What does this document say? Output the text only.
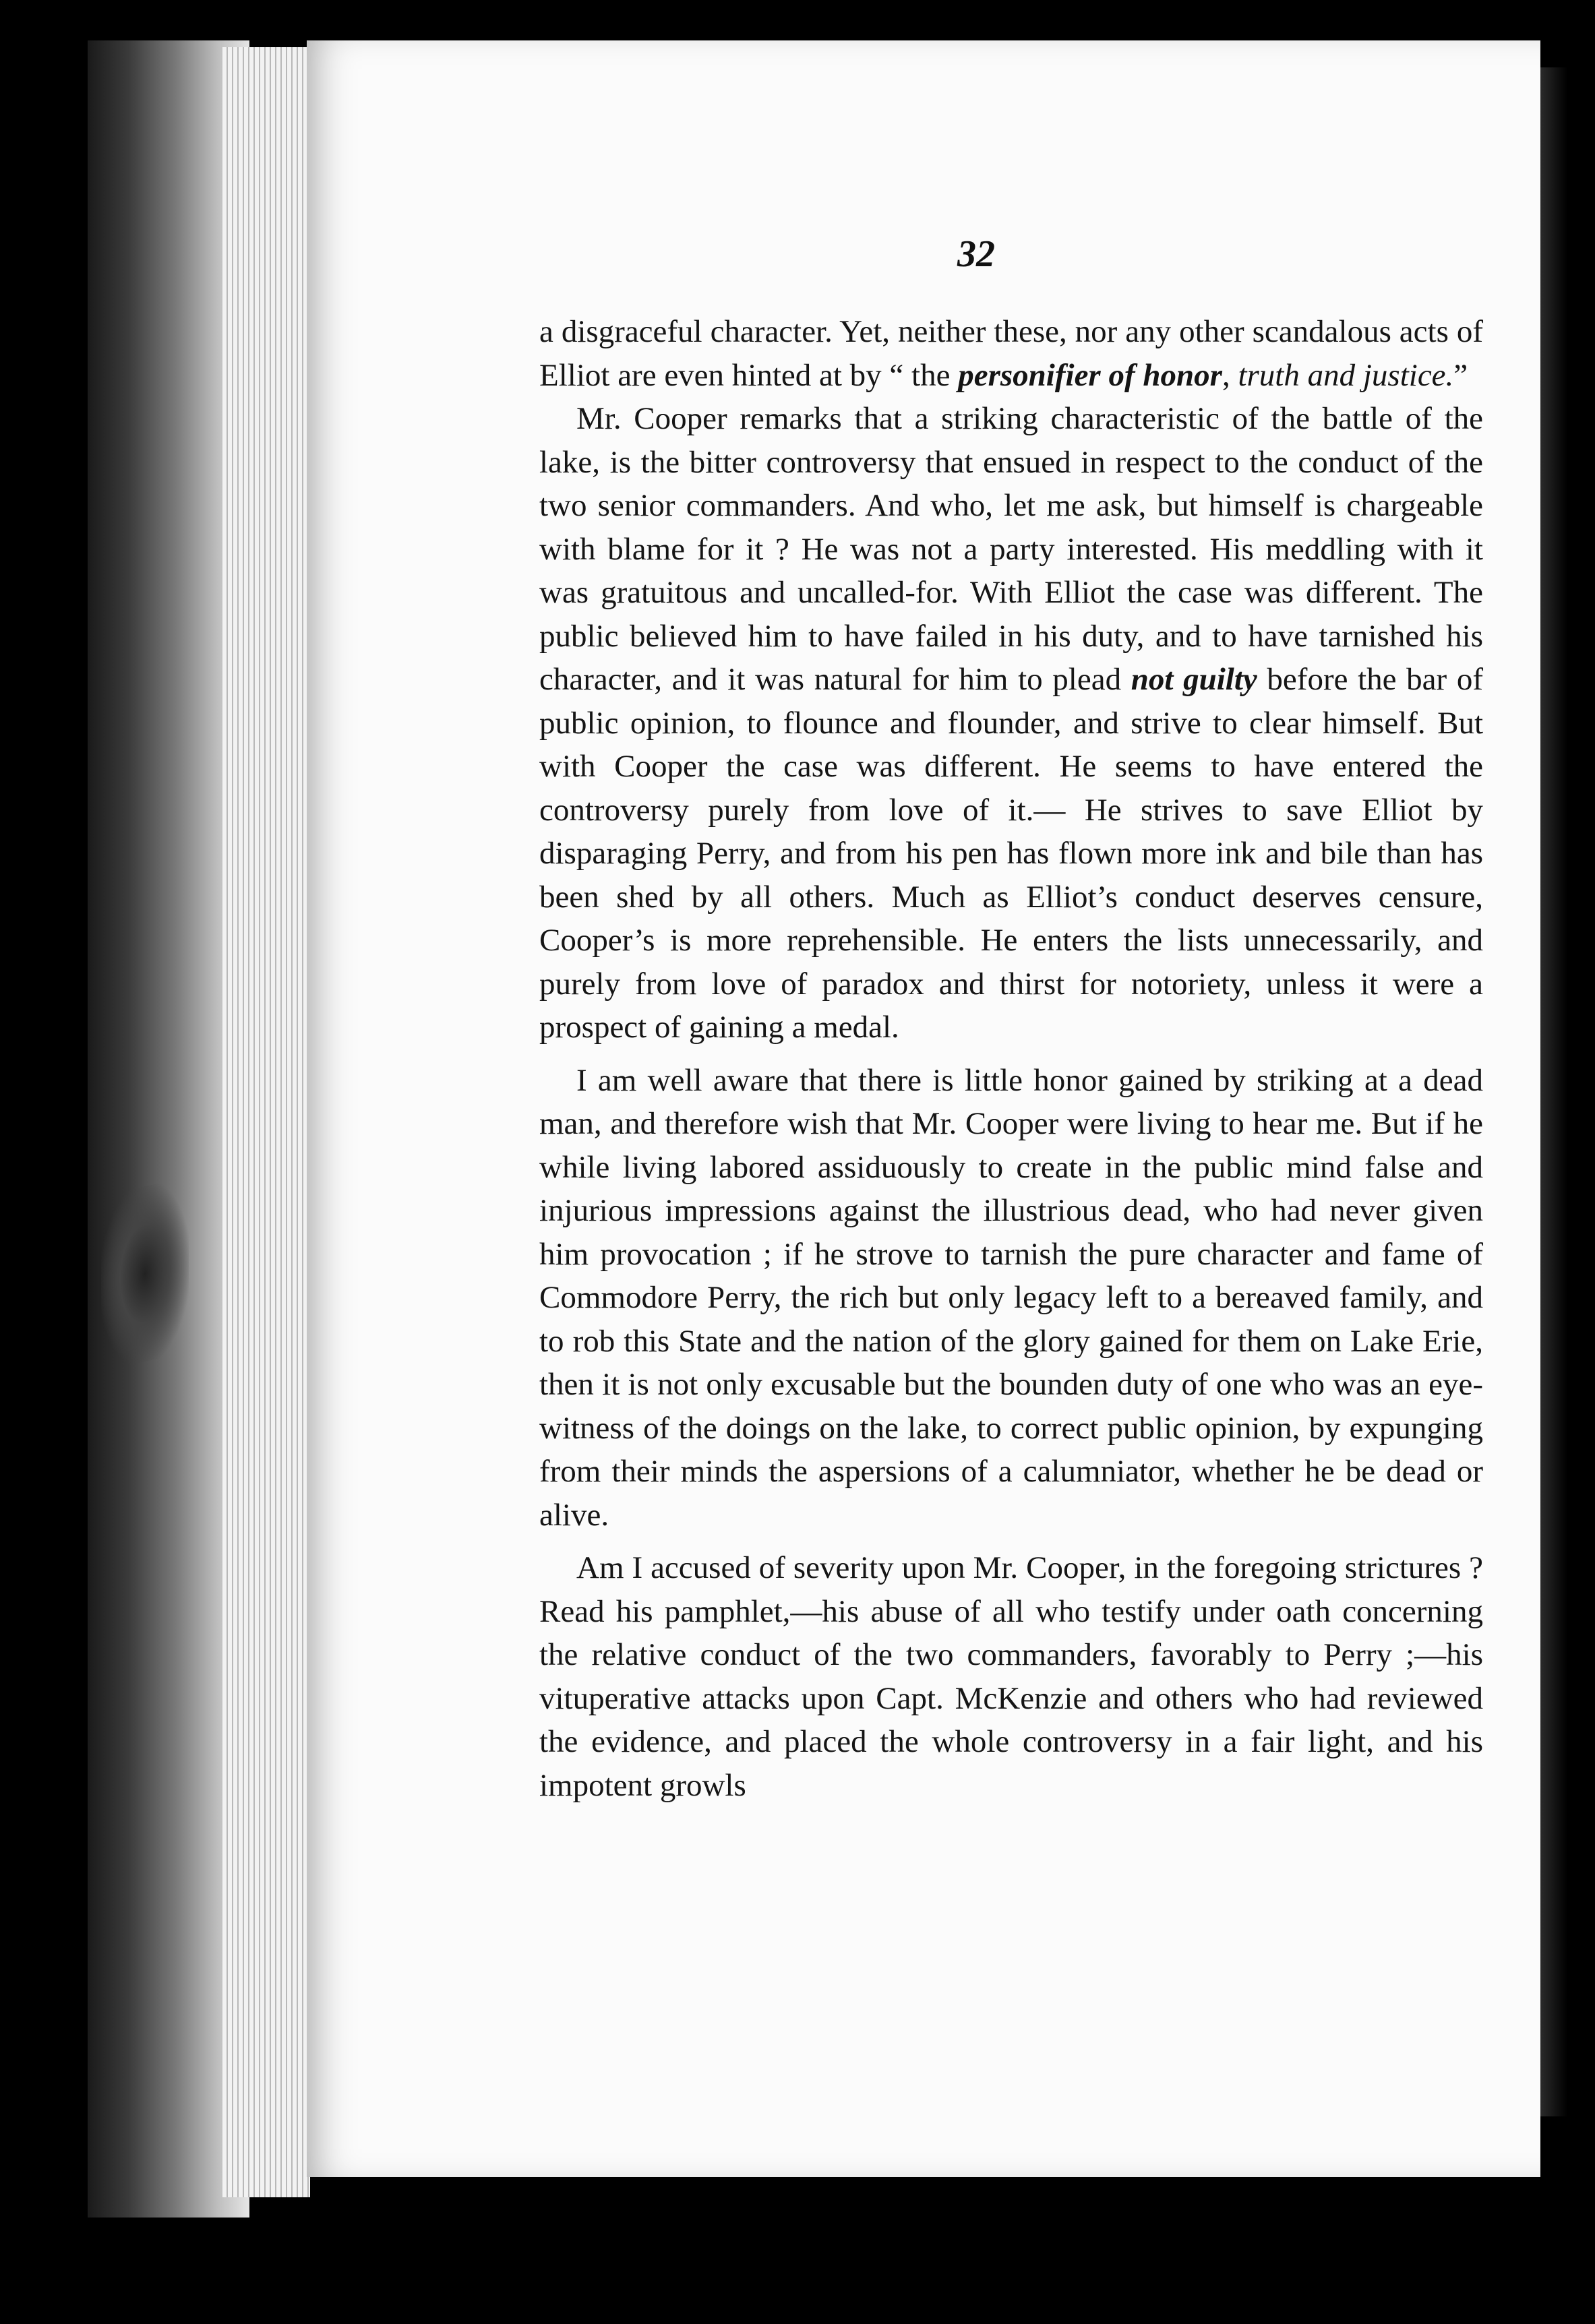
32

a disgraceful character. Yet, neither these, nor any other scandalous acts of Elliot are even hinted at by “ the personifier of honor, truth and justice.”

Mr. Cooper remarks that a striking characteristic of the battle of the lake, is the bitter controversy that ensued in respect to the conduct of the two senior commanders. And who, let me ask, but himself is chargeable with blame for it ? He was not a party interested. His meddling with it was gratuitous and uncalled-for. With Elliot the case was different. The public believed him to have failed in his duty, and to have tarnished his character, and it was natural for him to plead not guilty before the bar of public opinion, to flounce and flounder, and strive to clear himself. But with Cooper the case was different. He seems to have entered the controversy purely from love of it.— He strives to save Elliot by disparaging Perry, and from his pen has flown more ink and bile than has been shed by all others. Much as Elliot’s conduct deserves censure, Cooper’s is more reprehensible. He enters the lists unnecessarily, and purely from love of paradox and thirst for notoriety, unless it were a prospect of gaining a medal.

I am well aware that there is little honor gained by striking at a dead man, and therefore wish that Mr. Cooper were living to hear me. But if he while living labored assiduously to create in the public mind false and injurious impressions against the illustrious dead, who had never given him provocation ; if he strove to tarnish the pure character and fame of Commodore Perry, the rich but only legacy left to a bereaved family, and to rob this State and the nation of the glory gained for them on Lake Erie, then it is not only excusable but the bounden duty of one who was an eye-witness of the doings on the lake, to correct public opinion, by expunging from their minds the aspersions of a calumniator, whether he be dead or alive.

Am I accused of severity upon Mr. Cooper, in the foregoing strictures ? Read his pamphlet,—his abuse of all who testify under oath concerning the relative conduct of the two commanders, favorably to Perry ;—his vituperative attacks upon Capt. McKenzie and others who had reviewed the evidence, and placed the whole controversy in a fair light, and his impotent growls
